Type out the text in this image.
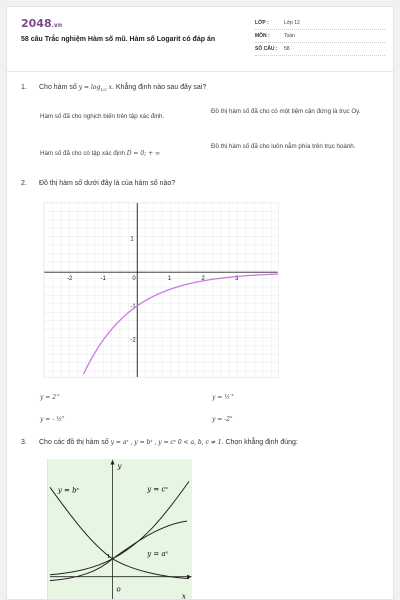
2048.vn
58 câu Trắc nghiệm Hàm số mũ. Hàm số Logarit có đáp án
LỚP :	Lớp 12
MÔN :	Toán
SỐ CÂU :	58
1. Cho hàm số $y = \log_{1/2} x$. Khẳng định nào sau đây sai?
Hàm số đã cho nghịch biến trên tập xác định.
Đồ thị hàm số đã cho có một tiệm cận đứng là trục Oy.
Hàm số đã cho có tập xác định D = 0; + ∞
Đồ thị hàm số đã cho luôn nằm phía trên trục hoành.
2. Đồ thị hàm số dưới đây là của hàm số nào?
-2	-1	0	1	2	3
1
-1
-2
$y = 2^{-x}$	y = ½$^{-x}$
y = - ½$^x$	$y = -2^x$
3. Cho các đồ thị hàm số y = aˣ , y = bˣ , y = cˣ 0 < a, b, c ≠ 1. Chọn khẳng định đúng:
y
x
o
1
y = bˣ	y = cˣ
y = aˣ
